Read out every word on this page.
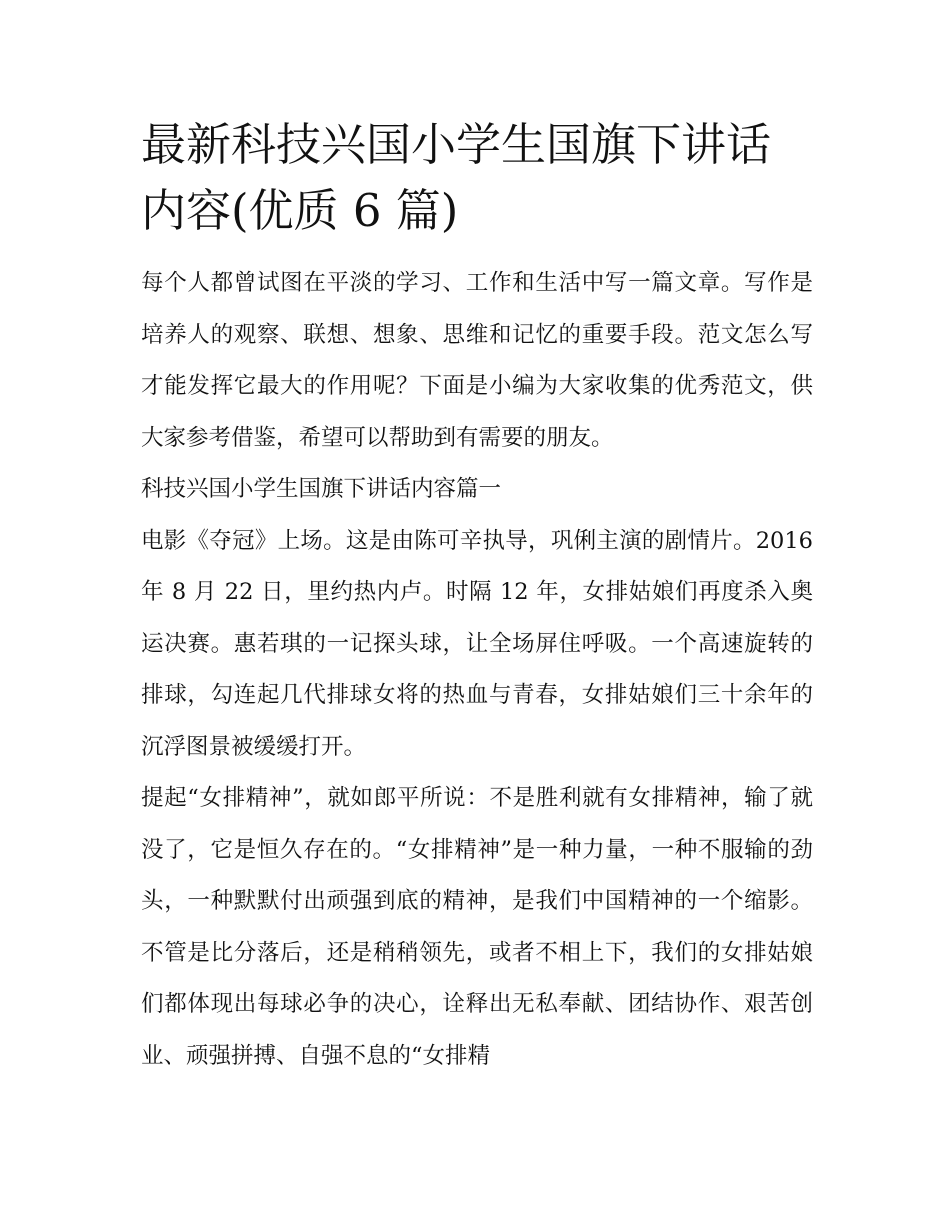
最新科技兴国小学生国旗下讲话内容(优质 6 篇)

每个人都曾试图在平淡的学习、工作和生活中写一篇文章。写作是培养人的观察、联想、想象、思维和记忆的重要手段。范文怎么写才能发挥它最大的作用呢？下面是小编为大家收集的优秀范文，供大家参考借鉴，希望可以帮助到有需要的朋友。

科技兴国小学生国旗下讲话内容篇一

电影《夺冠》上场。这是由陈可辛执导，巩俐主演的剧情片。2016 年 8 月 22 日，里约热内卢。时隔 12 年，女排姑娘们再度杀入奥运决赛。惠若琪的一记探头球，让全场屏住呼吸。一个高速旋转的排球，勾连起几代排球女将的热血与青春，女排姑娘们三十余年的沉浮图景被缓缓打开。

提起“女排精神”，就如郎平所说：不是胜利就有女排精神，输了就没了，它是恒久存在的。“女排精神”是一种力量，一种不服输的劲头，一种默默付出顽强到底的精神，是我们中国精神的一个缩影。不管是比分落后，还是稍稍领先，或者不相上下，我们的女排姑娘们都体现出每球必争的决心，诠释出无私奉献、团结协作、艰苦创业、顽强拼搏、自强不息的“女排精
